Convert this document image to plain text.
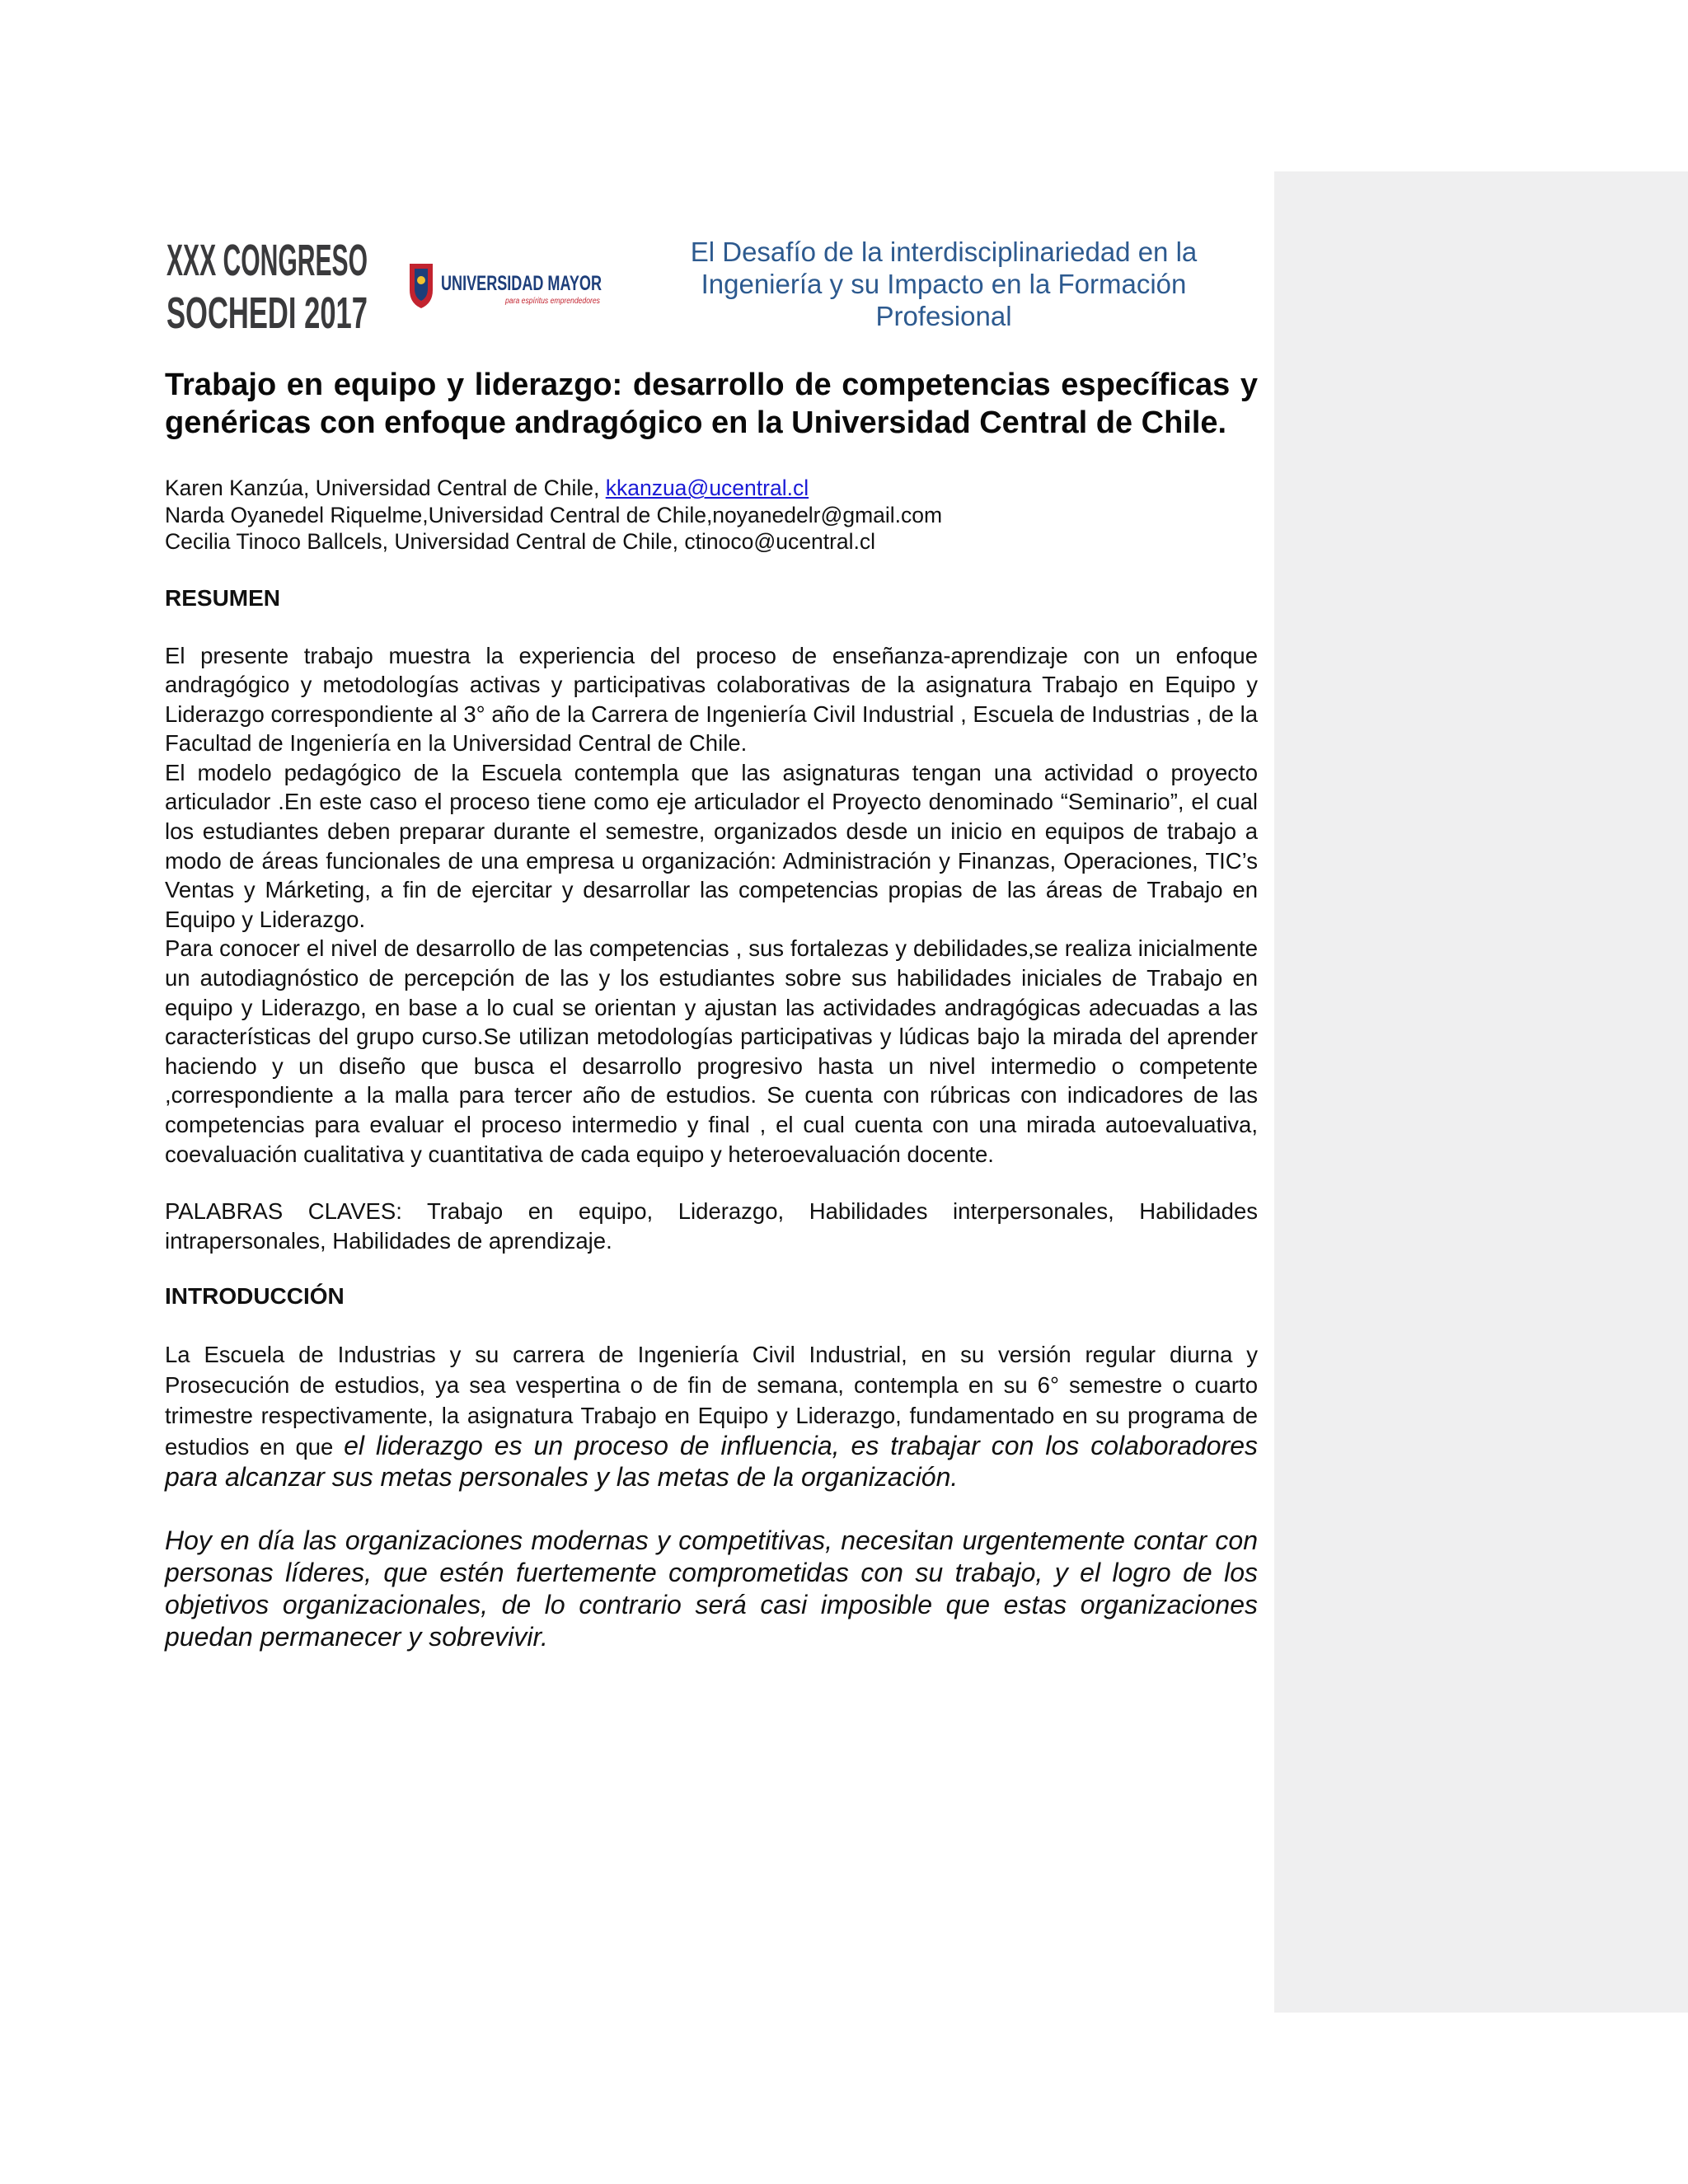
XXX CONGRESO
SOCHEDI 2017
UNIVERSIDAD MAYOR
para espíritus emprendedores
El Desafío de la interdisciplinariedad en la
Ingeniería y su Impacto en la Formación
Profesional
Trabajo en equipo y liderazgo: desarrollo de competencias específicas y genéricas con enfoque andragógico en la Universidad Central de Chile.
Karen Kanzúa, Universidad Central de Chile, kkanzua@ucentral.cl
Narda Oyanedel Riquelme,Universidad Central de Chile,noyanedelr@gmail.com
Cecilia Tinoco Ballcels, Universidad Central de Chile, ctinoco@ucentral.cl
RESUMEN

El presente trabajo muestra la experiencia del proceso de enseñanza-aprendizaje con un enfoque andragógico y metodologías activas y participativas colaborativas de la asignatura Trabajo en Equipo y Liderazgo correspondiente al 3° año de la Carrera de Ingeniería Civil Industrial , Escuela de Industrias , de la Facultad de Ingeniería en la Universidad Central de Chile.
El modelo pedagógico de la Escuela contempla que las asignaturas tengan una actividad o proyecto articulador .En este caso el proceso tiene como eje articulador el Proyecto denominado “Seminario”, el cual los estudiantes deben preparar durante el semestre, organizados desde un inicio en equipos de trabajo a modo de áreas funcionales de una empresa u organización: Administración y Finanzas, Operaciones, TIC’s Ventas y Márketing, a fin de ejercitar y desarrollar las competencias propias de las áreas de Trabajo en Equipo y Liderazgo.
Para conocer el nivel de desarrollo de las competencias , sus fortalezas y debilidades,se realiza inicialmente un autodiagnóstico de percepción de las y los estudiantes sobre sus habilidades iniciales de Trabajo en equipo y Liderazgo, en base a lo cual se orientan y ajustan las actividades andragógicas adecuadas a las características del grupo curso.Se utilizan metodologías participativas y lúdicas bajo la mirada del aprender haciendo y un diseño que busca el desarrollo progresivo hasta un nivel intermedio o competente ,correspondiente a la malla para tercer año de estudios. Se cuenta con rúbricas con indicadores de las competencias para evaluar el proceso intermedio y final , el cual cuenta con una mirada autoevaluativa, coevaluación cualitativa y cuantitativa de cada equipo y heteroevaluación docente.

PALABRAS CLAVES: Trabajo en equipo, Liderazgo, Habilidades interpersonales, Habilidades intrapersonales, Habilidades de aprendizaje.

INTRODUCCIÓN

La Escuela de Industrias y su carrera de Ingeniería Civil Industrial, en su versión regular diurna y Prosecución de estudios, ya sea vespertina o de fin de semana, contempla en su 6° semestre o cuarto trimestre respectivamente, la asignatura Trabajo en Equipo y Liderazgo, fundamentado en su programa de estudios en que el liderazgo es un proceso de influencia, es trabajar con los colaboradores para alcanzar sus metas personales y las metas de la organización.

Hoy en día las organizaciones modernas y competitivas, necesitan urgentemente contar con personas líderes, que estén fuertemente comprometidas con su trabajo, y el logro de los objetivos organizacionales, de lo contrario será casi imposible que estas organizaciones puedan permanecer y sobrevivir.
